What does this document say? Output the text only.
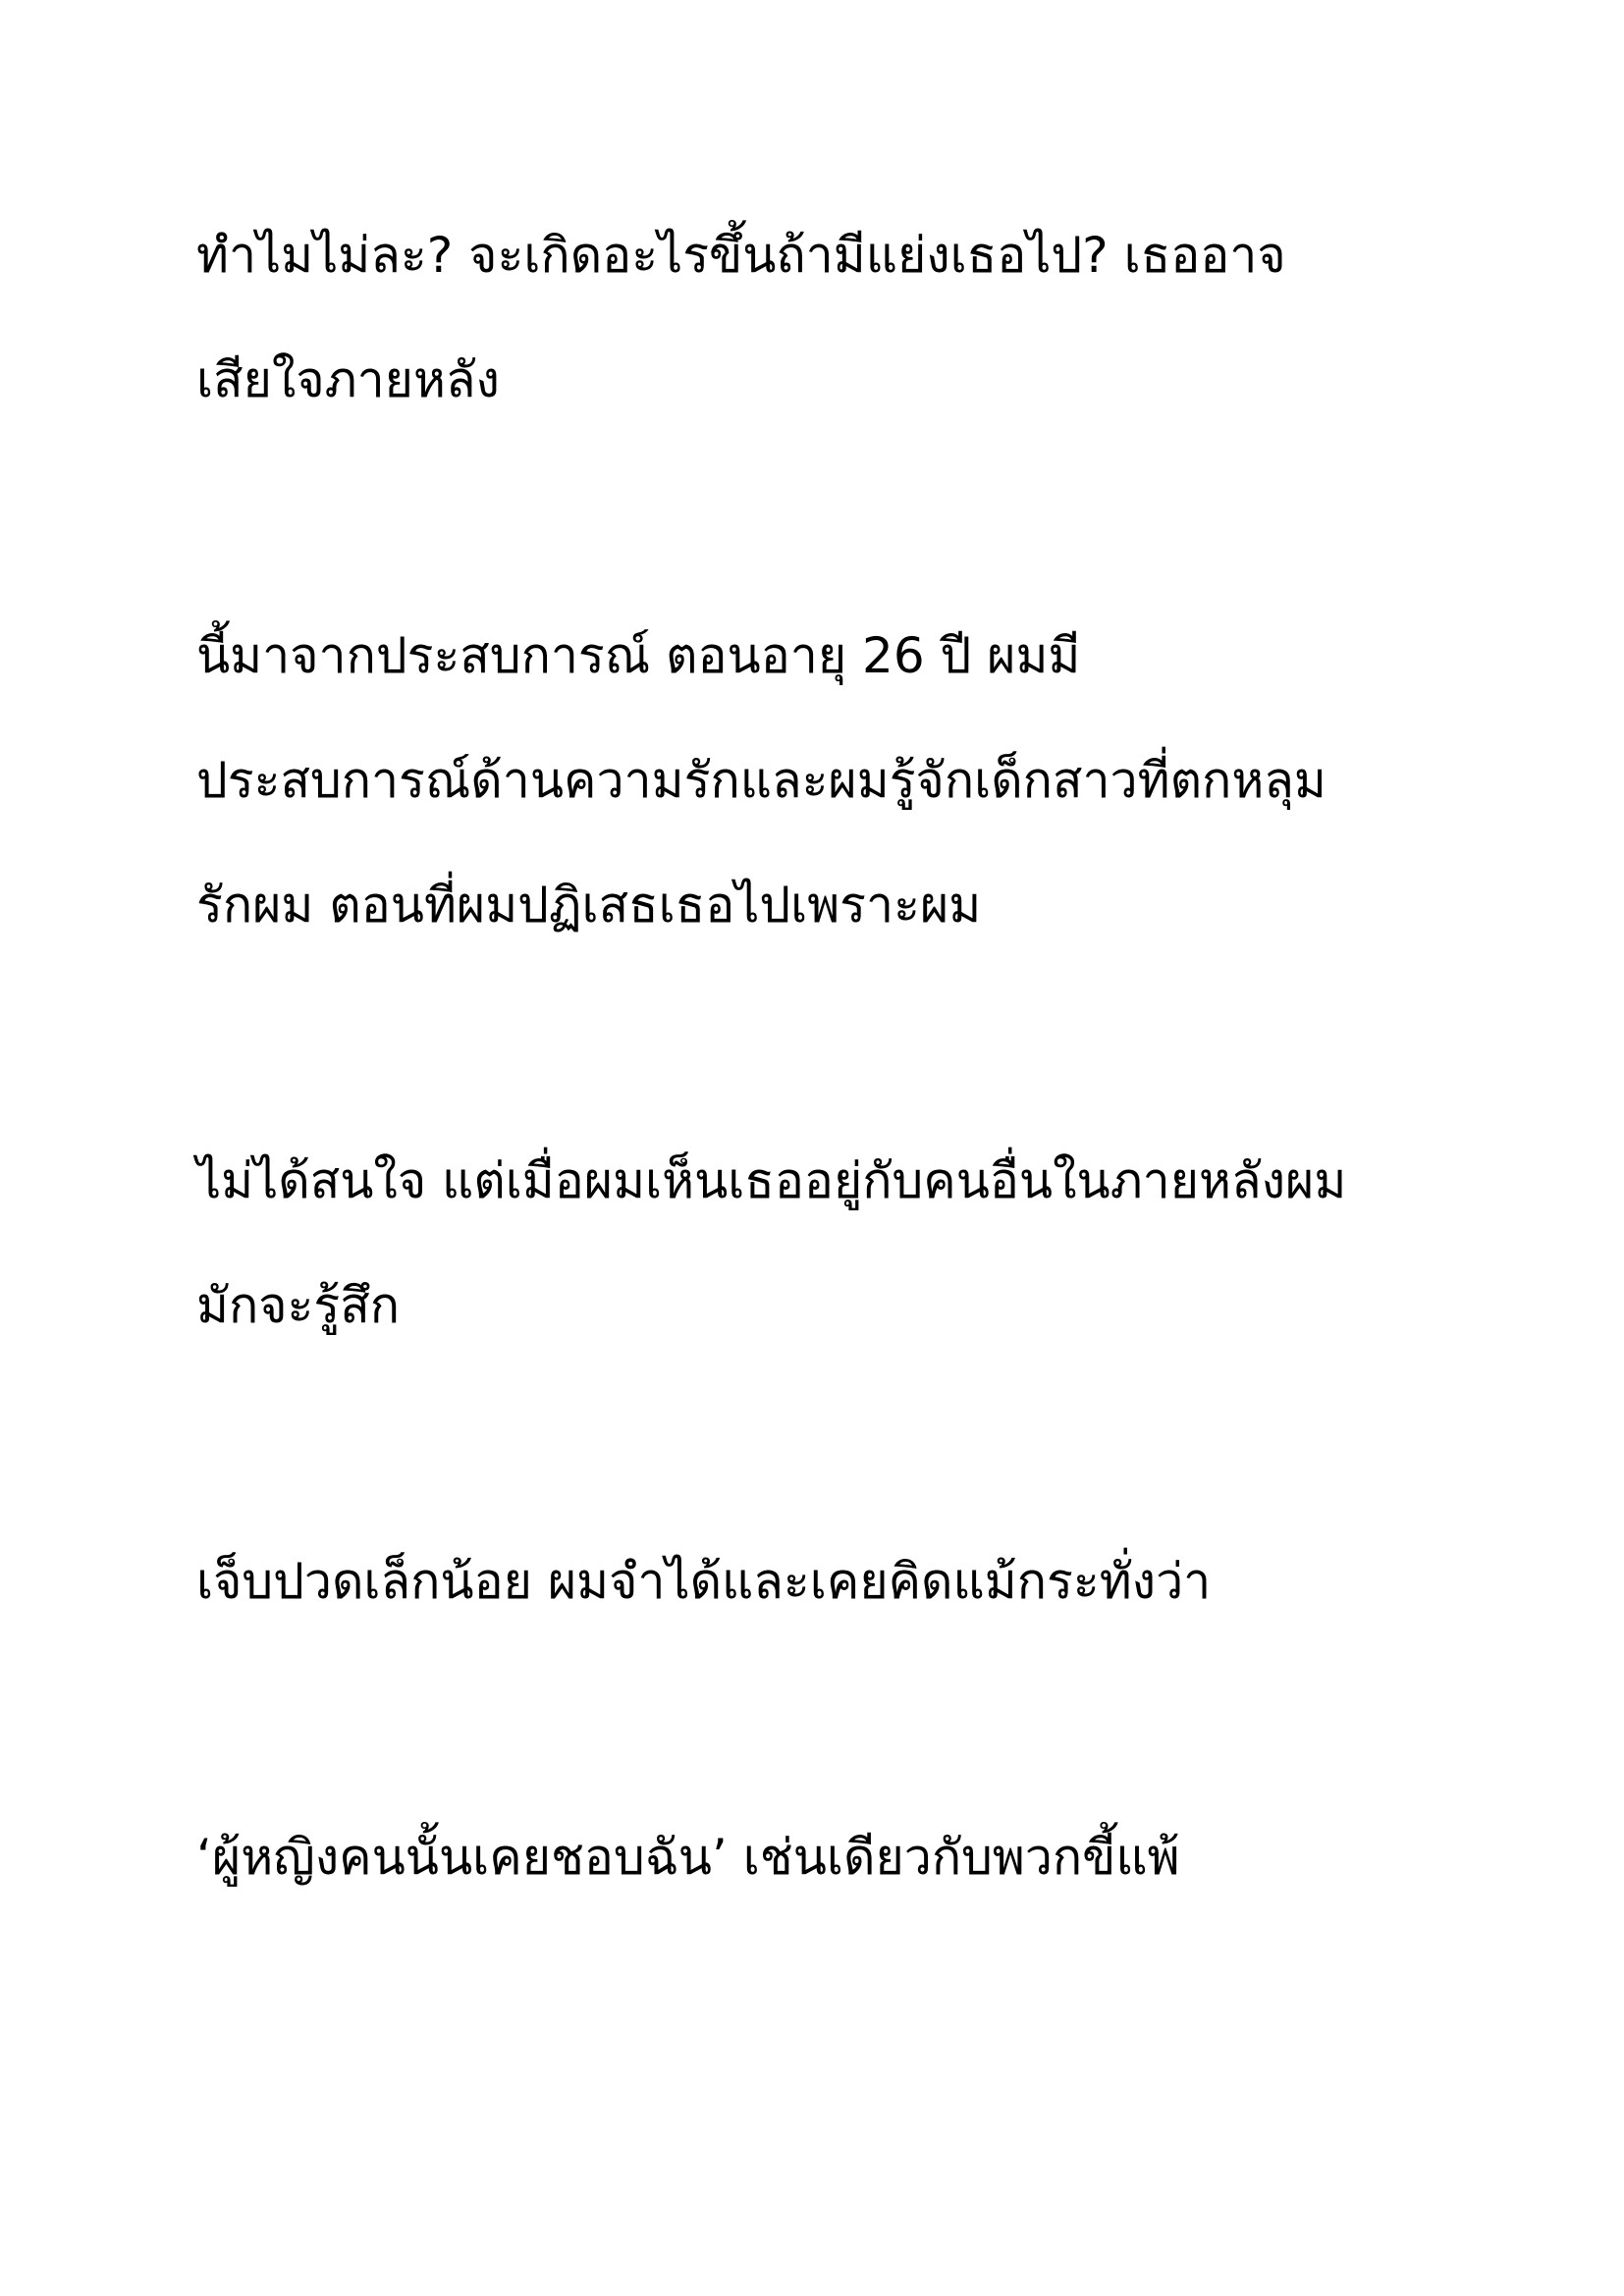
ทำไมไม่ละ? จะเกิดอะไรขึ้นถ้ามีแย่งเธอไป? เธออาจ

เสียใจภายหลัง

นี้มาจากประสบการณ์ ตอนอายุ 26 ปี ผมมี

ประสบการณ์ด้านความรักและผมรู้จักเด็กสาวที่ตกหลุม

รักผม ตอนที่ผมปฏิเสธเธอไปเพราะผม

ไม่ได้สนใจ แต่เมื่อผมเห็นเธออยู่กับคนอื่นในภายหลังผม

มักจะรู้สึก

เจ็บปวดเล็กน้อย ผมจำได้และเคยคิดแม้กระทั่งว่า

‘ผู้หญิงคนนั้นเคยชอบฉัน’ เช่นเดียวกับพวกขี้แพ้
